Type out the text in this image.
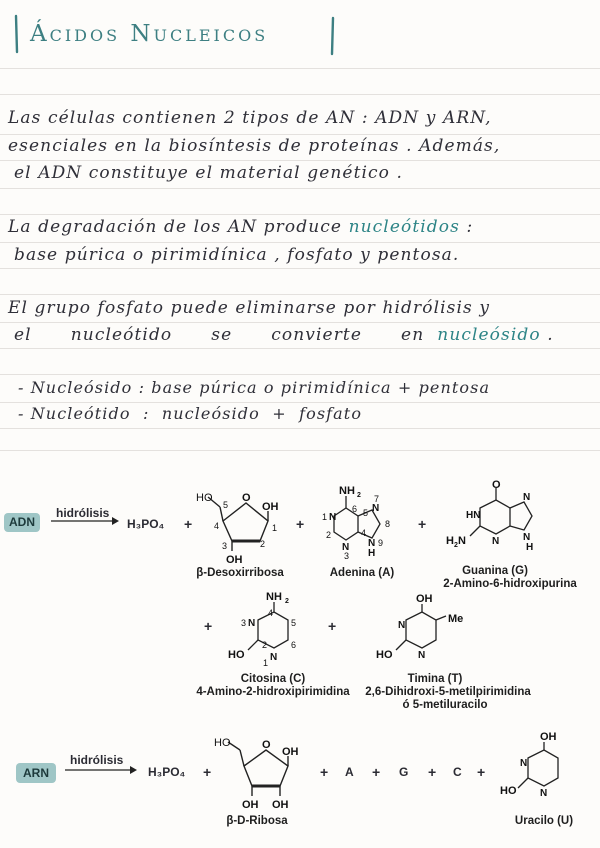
Ácidos Nucleicos
Las células contienen 2 tipos de AN : ADN y ARN,
esenciales en la biosíntesis de proteínas . Además,
el ADN constituye el material genético .
La degradación de los AN produce nucleótidos :
base púrica o pirimidínica , fosfato y pentosa.
El grupo fosfato puede eliminarse por hidrólisis y
el      nucleótido      se      convierte      en nucleósido .
- Nucleósido : base púrica o pirimidínica + pentosa
- Nucleótido  :  nucleósido  +  fosfato
ADN
hidrólisis
H₃PO₄ +
HO
5
4
O
1
2
3
OH
OH
β-Desoxirribosa
+
NH 2
1 N
2
N
3
6 5
4
7
N
8
N 9
H
Adenina (A)
+
O
HN
N
N
N
H
H 2 N
Guanina (G)
2-Amino-6-hidroxipurina
+
NH 2
4
3 N	5
6
2
N
1
HO
Citosina (C)
4-Amino-2-hidroxipirimidina
+
OH
Me
N
N
HO
Timina (T)
2,6-Dihidroxi-5-metilpirimidina
ó 5-metiluracilo
ARN
hidrólisis
H₃PO₄ +
HO	O
OH
OH OH
β-D-Ribosa
+ A + G + C +
OH
N
N
HO
Uracilo (U)
